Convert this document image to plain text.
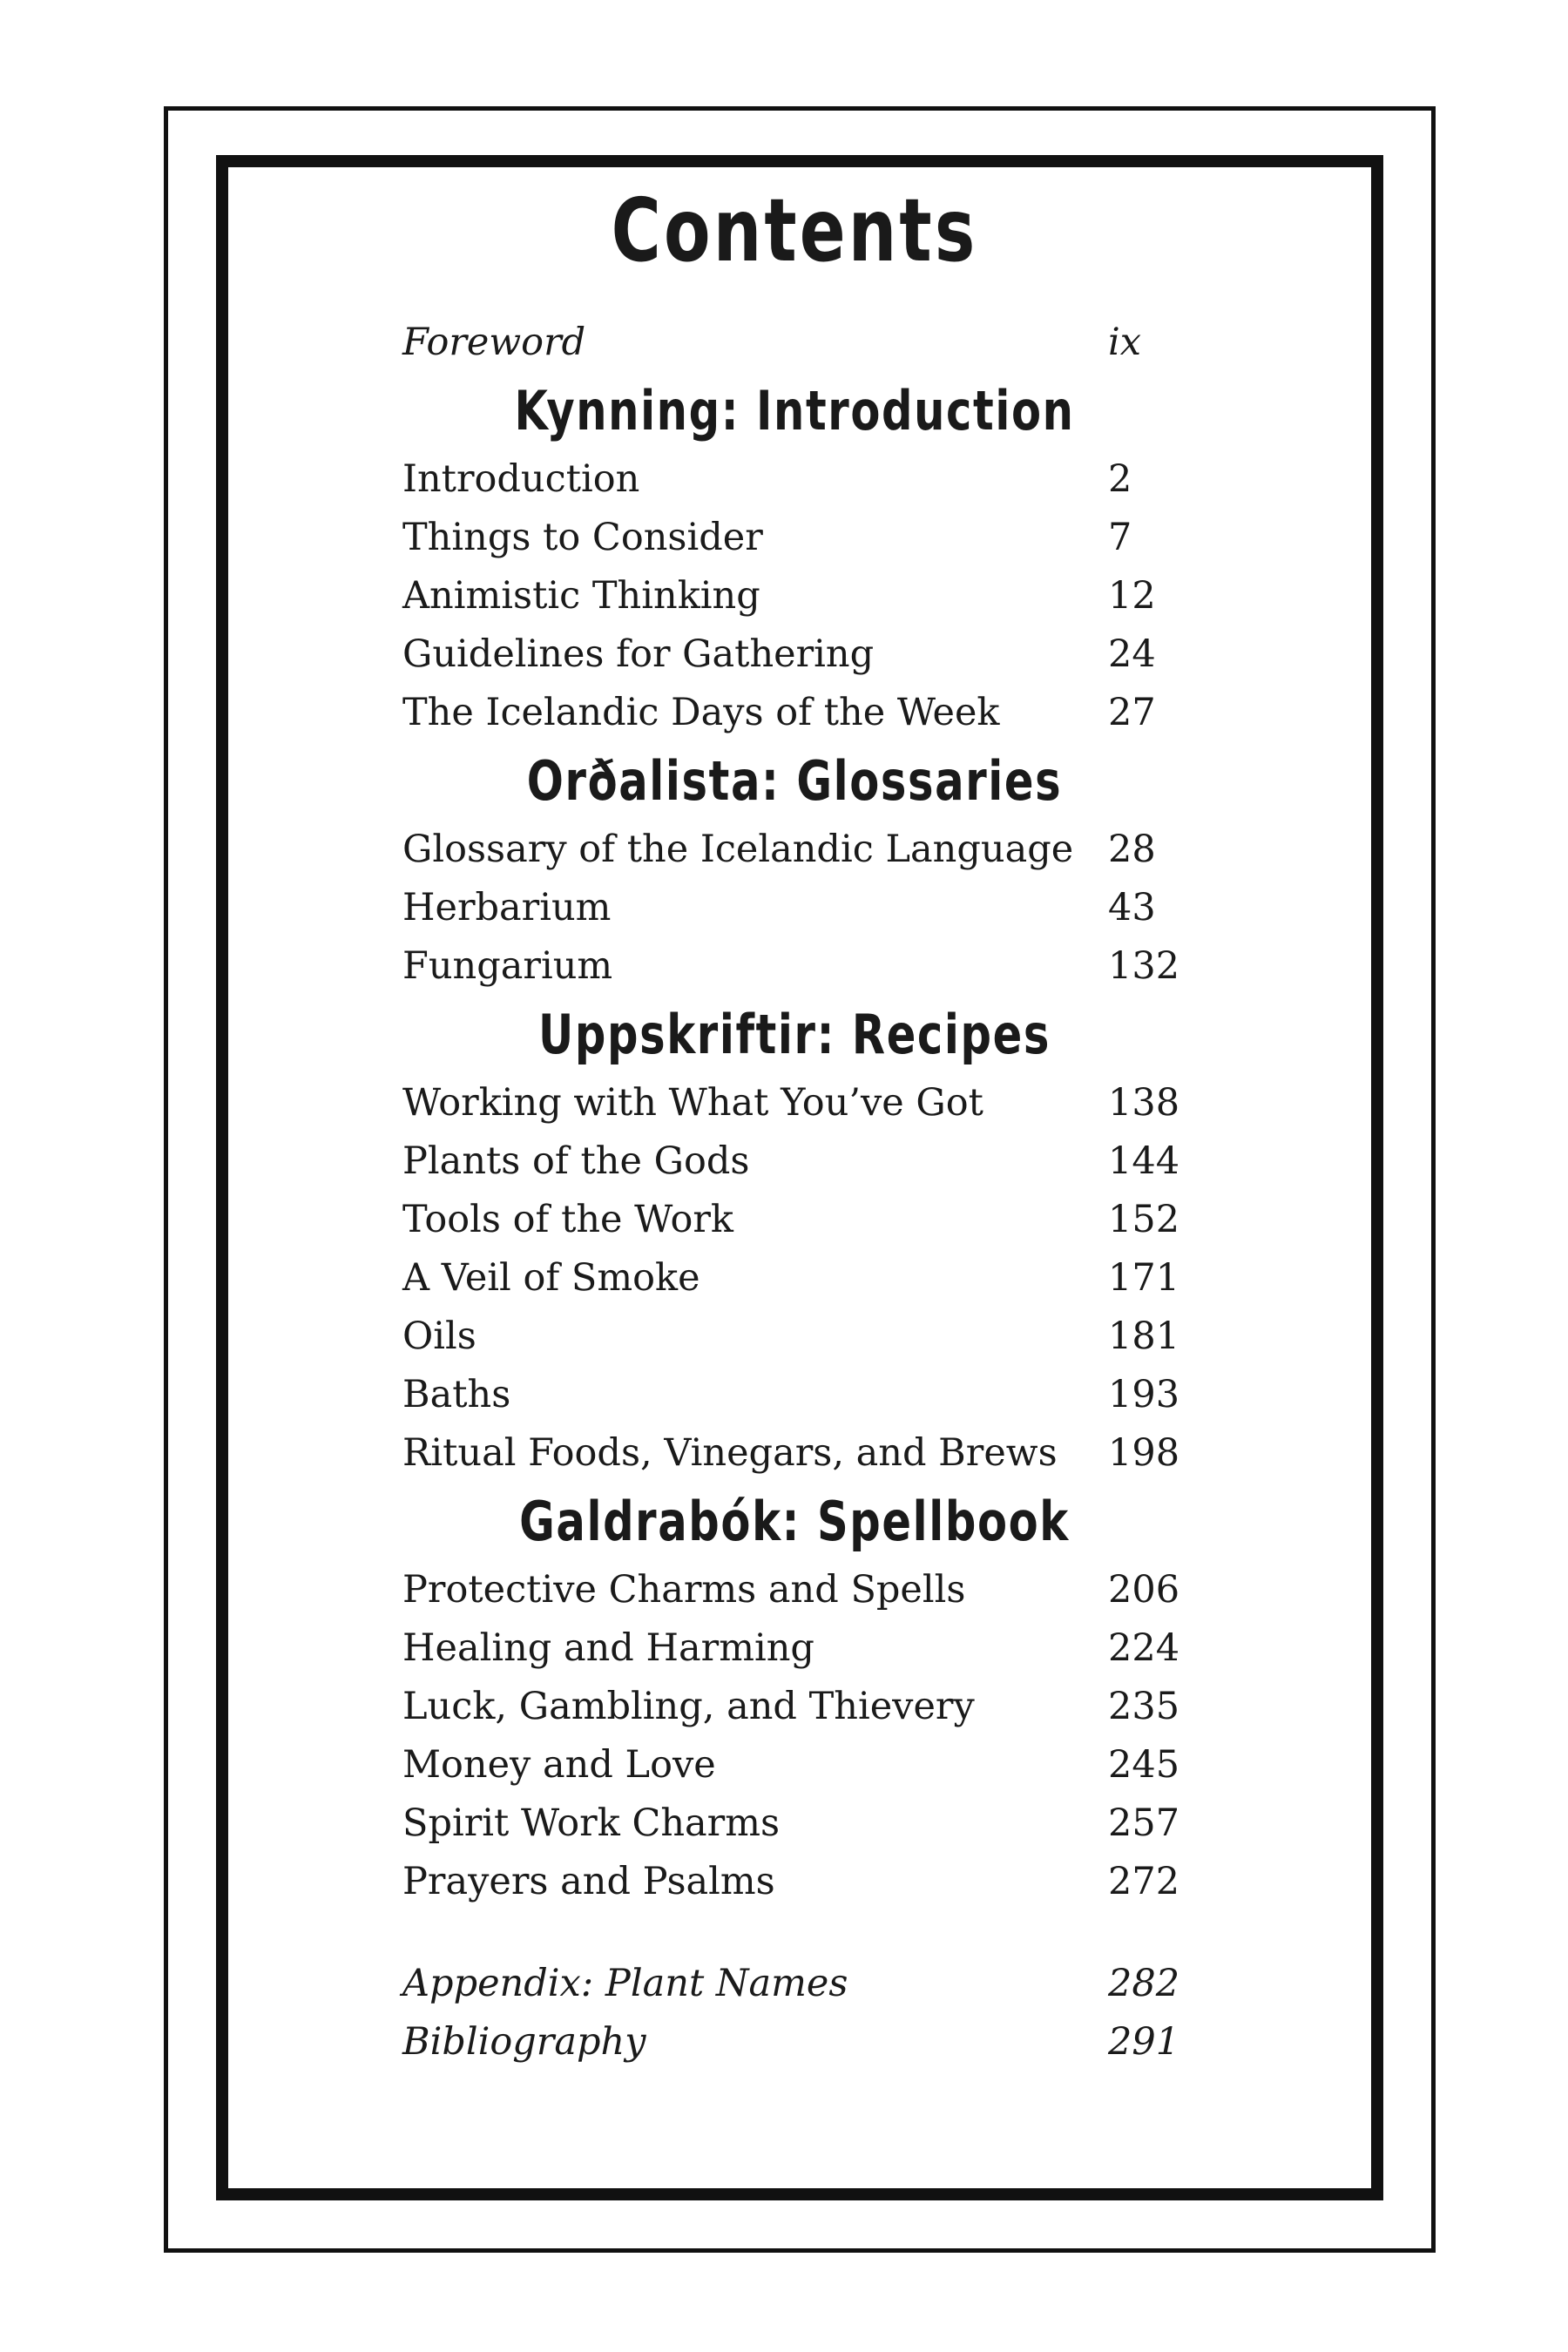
Contents
Foreword	ix
Kynning: Introduction
Introduction	2
Things to Consider	7
Animistic Thinking	12
Guidelines for Gathering	24
The Icelandic Days of the Week	27
Orðalista: Glossaries
Glossary of the Icelandic Language 28
Herbarium	43
Fungarium	132
Uppskriftir: Recipes
Working with What You’ve Got	138
Plants of the Gods	144
Tools of the Work	152
A Veil of Smoke	171
Oils	181
Baths	193
Ritual Foods, Vinegars, and Brews 198
Galdrabók: Spellbook
Protective Charms and Spells	206
Healing and Harming	224
Luck, Gambling, and Thievery	235
Money and Love	245
Spirit Work Charms	257
Prayers and Psalms	272
Appendix: Plant Names	282
Bibliography	291
